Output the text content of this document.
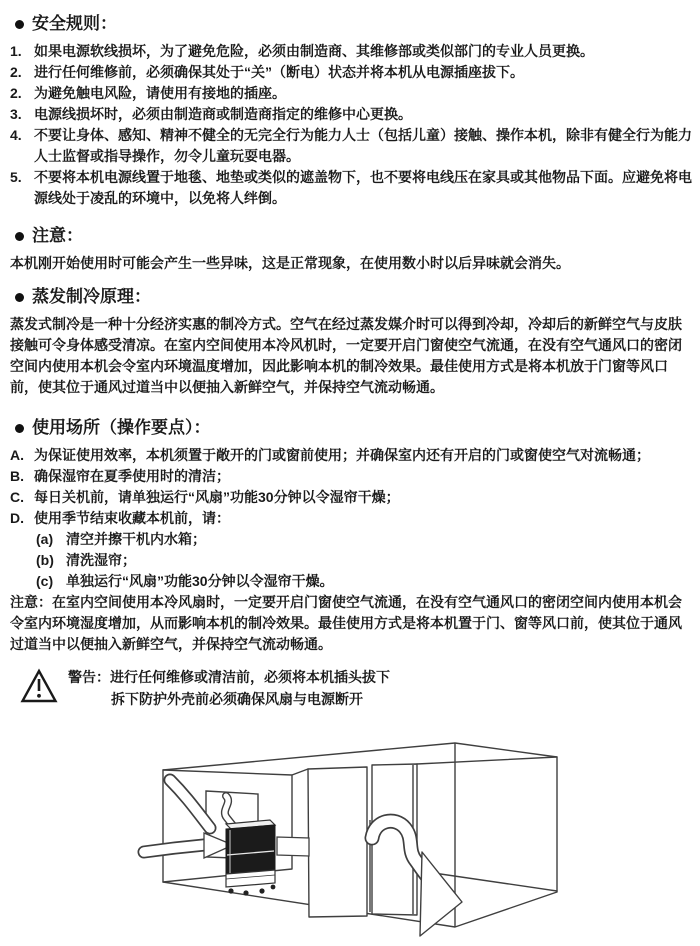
安全规则：
1. 如果电源软线损坏，为了避免危险，必须由制造商、其维修部或类似部门的专业人员更换。
2. 进行任何维修前，必须确保其处于“关”（断电）状态并将本机从电源插座拔下。
2. 为避免触电风险，请使用有接地的插座。
3. 电源线损坏时，必须由制造商或制造商指定的维修中心更换。
4. 不要让身体、感知、精神不健全的无完全行为能力人士（包括儿童）接触、操作本机，除非有健全行为能力人士监督或指导操作，勿令儿童玩耍电器。
5. 不要将本机电源线置于地毯、地垫或类似的遮盖物下，也不要将电线压在家具或其他物品下面。应避免将电源线处于凌乱的环境中，以免将人绊倒。
注意：

本机刚开始使用时可能会产生一些异味，这是正常现象，在使用数小时以后异味就会消失。

蒸发制冷原理：

蒸发式制冷是一种十分经济实惠的制冷方式。空气在经过蒸发媒介时可以得到冷却，冷却后的新鲜空气与皮肤接触可令身体感受清凉。在室内空间使用本冷风机时，一定要开启门窗使空气流通，在没有空气通风口的密闭空间内使用本机会令室内环境温度增加，因此影响本机的制冷效果。最佳使用方式是将本机放于门窗等风口前，使其位于通风过道当中以便抽入新鲜空气，并保持空气流动畅通。

使用场所（操作要点）：
A. 为保证使用效率，本机须置于敞开的门或窗前使用；并确保室内还有开启的门或窗使空气对流畅通；
B. 确保湿帘在夏季使用时的清洁；
C. 每日关机前，请单独运行“风扇”功能30分钟以令湿帘干燥；
D. 使用季节结束收藏本机前，请：
(a) 清空并擦干机内水箱；
(b) 清洗湿帘；
(c) 单独运行“风扇”功能30分钟以令湿帘干燥。

注意：在室内空间使用本冷风扇时，一定要开启门窗使空气流通，在没有空气通风口的密闭空间内使用本机会令室内环境湿度增加，从而影响本机的制冷效果。最佳使用方式是将本机置于门、窗等风口前，使其位于通风过道当中以便抽入新鲜空气，并保持空气流动畅通。

警告：进行任何维修或清洁前，必须将本机插头拔下
拆下防护外壳前必须确保风扇与电源断开
